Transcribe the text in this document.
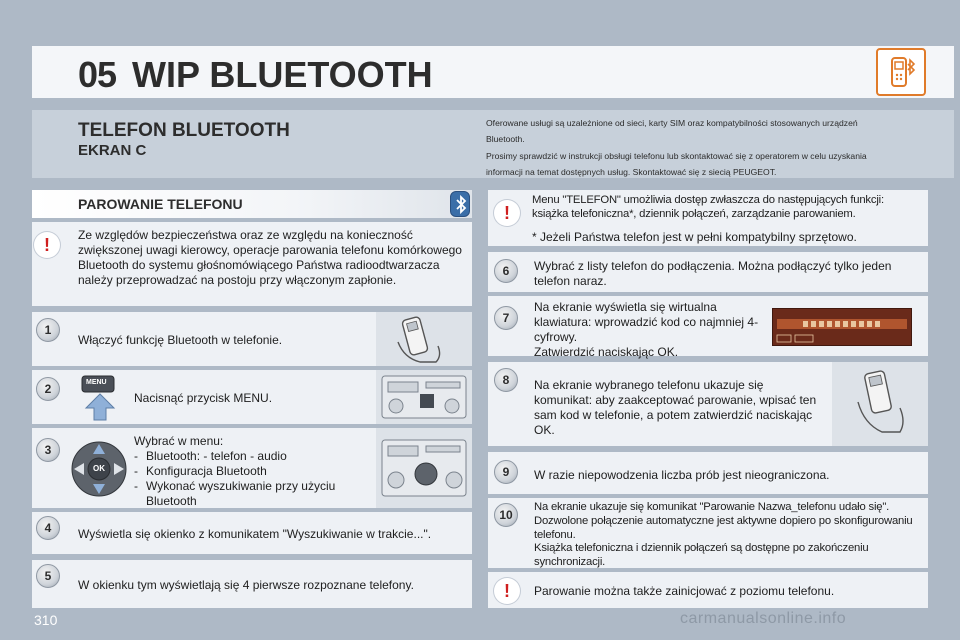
05 WIP BLUETOOTH
TELEFON BLUETOOTH
EKRAN C
Oferowane usługi są uzależnione od sieci, karty SIM oraz kompatybilności stosowanych urządzeń
Bluetooth.
Prosimy sprawdzić w instrukcji obsługi telefonu lub skontaktować się z operatorem w celu uzyskania
informacji na temat dostępnych usług. Skontaktować się z siecią PEUGEOT.
PAROWANIE TELEFONU
!	Ze względów bezpieczeństwa oraz ze względu na konieczność zwiększonej uwagi kierowcy, operacje parowania telefonu komórkowego Bluetooth do systemu głośnomówiącego Państwa radioodtwarzacza należy przeprowadzać na postoju przy włączonym zapłonie.
1
Włączyć funkcję Bluetooth w telefonie.
2	MENU
Nacisnąć przycisk MENU.
3
OK
Wybrać w menu:
- Bluetooth: - telefon - audio
- Konfiguracja Bluetooth
- Wykonać wyszukiwanie przy użyciu Bluetooth
4	Wyświetla się okienko z komunikatem "Wyszukiwanie w trakcie...".
5
W okienku tym wyświetlają się 4 pierwsze rozpoznane telefony.
!
Menu "TELEFON" umożliwia dostęp zwłaszcza do następujących funkcji:
książka telefoniczna*, dziennik połączeń, zarządzanie parowaniem.
* Jeżeli Państwa telefon jest w pełni kompatybilny sprzętowo.
6	Wybrać z listy telefon do podłączenia. Można podłączyć tylko jeden telefon naraz.
7
Na ekranie wyświetla się wirtualna klawiatura: wprowadzić kod co najmniej 4-cyfrowy.
Zatwierdzić naciskając OK.
8	Na ekranie wybranego telefonu ukazuje się komunikat: aby zaakceptować parowanie, wpisać ten sam kod w telefonie, a potem zatwierdzić naciskając OK.
9	W razie niepowodzenia liczba prób jest nieograniczona.
10
Na ekranie ukazuje się komunikat "Parowanie Nazwa_telefonu udało się".
Dozwolone połączenie automatyczne jest aktywne dopiero po skonfigurowaniu telefonu.
Książka telefoniczna i dziennik połączeń są dostępne po zakończeniu synchronizacji.
!	Parowanie można także zainicjować z poziomu telefonu.
310	carmanualsonline.info
